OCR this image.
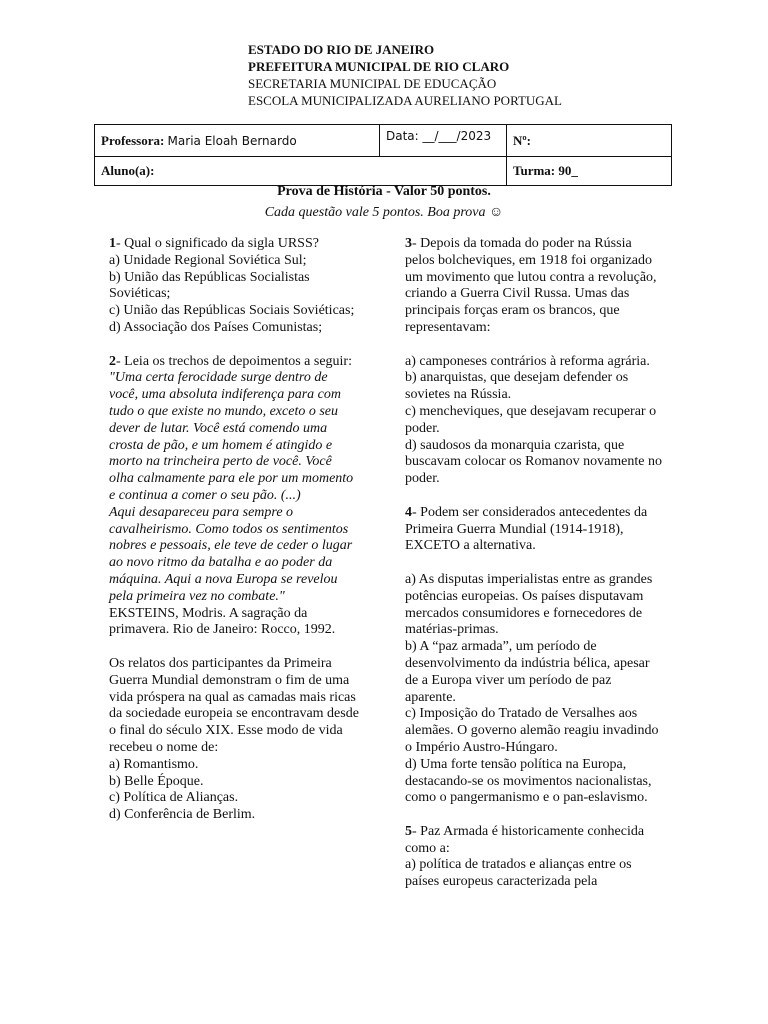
ESTADO DO RIO DE JANEIRO
PREFEITURA MUNICIPAL DE RIO CLARO
SECRETARIA MUNICIPAL DE EDUCAÇÃO
ESCOLA MUNICIPALIZADA AURELIANO PORTUGAL
Professora: Maria Eloah Bernardo	Data: __/___/2023	Nº:
Aluno(a):		Turma: 90_
Prova de História - Valor 50 pontos.
Cada questão vale 5 pontos. Boa prova ☺

1- Qual o significado da sigla URSS?
a) Unidade Regional Soviética Sul;
b) União das Repúblicas Socialistas Soviéticas;
c) União das Repúblicas Sociais Soviéticas;
d) Associação dos Países Comunistas;

2- Leia os trechos de depoimentos a seguir:
"Uma certa ferocidade surge dentro de você, uma absoluta indiferença para com tudo o que existe no mundo, exceto o seu dever de lutar. Você está comendo uma crosta de pão, e um homem é atingido e morto na trincheira perto de você. Você olha calmamente para ele por um momento e continua a comer o seu pão. (...)
Aqui desapareceu para sempre o cavalheirismo. Como todos os sentimentos nobres e pessoais, ele teve de ceder o lugar ao novo ritmo da batalha e ao poder da máquina. Aqui a nova Europa se revelou pela primeira vez no combate."
EKSTEINS, Modris. A sagração da primavera. Rio de Janeiro: Rocco, 1992.

Os relatos dos participantes da Primeira Guerra Mundial demonstram o fim de uma vida próspera na qual as camadas mais ricas da sociedade europeia se encontravam desde o final do século XIX. Esse modo de vida recebeu o nome de:
a) Romantismo.
b) Belle Époque.
c) Política de Alianças.
d) Conferência de Berlim.

3- Depois da tomada do poder na Rússia pelos bolcheviques, em 1918 foi organizado um movimento que lutou contra a revolução, criando a Guerra Civil Russa. Umas das principais forças eram os brancos, que representavam:

a) camponeses contrários à reforma agrária.
b) anarquistas, que desejam defender os sovietes na Rússia.
c) mencheviques, que desejavam recuperar o poder.
d) saudosos da monarquia czarista, que buscavam colocar os Romanov novamente no poder.

4- Podem ser considerados antecedentes da Primeira Guerra Mundial (1914-1918), EXCETO a alternativa.

a) As disputas imperialistas entre as grandes potências europeias. Os países disputavam mercados consumidores e fornecedores de matérias-primas.
b) A “paz armada”, um período de desenvolvimento da indústria bélica, apesar de a Europa viver um período de paz aparente.
c) Imposição do Tratado de Versalhes aos alemães. O governo alemão reagiu invadindo o Império Austro-Húngaro.
d) Uma forte tensão política na Europa, destacando-se os movimentos nacionalistas, como o pangermanismo e o pan-eslavismo.

5- Paz Armada é historicamente conhecida como a:
a) política de tratados e alianças entre os países europeus caracterizada pela
